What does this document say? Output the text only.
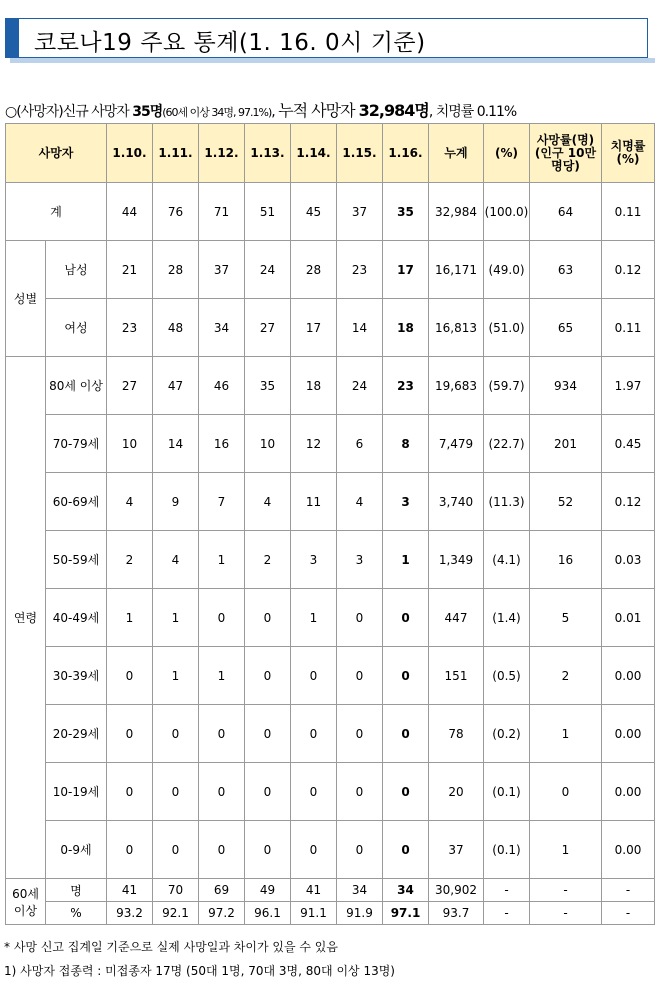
코로나19 주요 통계(1. 16. 0시 기준)
○(사망자)신규 사망자 35명(60세 이상 34명, 97.1%), 누적 사망자 32,984명, 치명률 0.11%
사망자		1.10.	1.11.	1.12.	1.13.	1.14.	1.15.	1.16.	누계	(%)	사망률(명)(인구 10만명당)	치명률(%)
계		44	76	71	51	45	37	35	32,984	(100.0)	64	0.11
성별	남성	21	28	37	24	28	23	17	16,171	(49.0)	63	0.12
	여성	23	48	34	27	17	14	18	16,813	(51.0)	65	0.11
연령	80세 이상	27	47	46	35	18	24	23	19,683	(59.7)	934	1.97
	70-79세	10	14	16	10	12	6	8	7,479	(22.7)	201	0.45
	60-69세	4	9	7	4	11	4	3	3,740	(11.3)	52	0.12
	50-59세	2	4	1	2	3	3	1	1,349	(4.1)	16	0.03
	40-49세	1	1	0	0	1	0	0	447	(1.4)	5	0.01
	30-39세	0	1	1	0	0	0	0	151	(0.5)	2	0.00
	20-29세	0	0	0	0	0	0	0	78	(0.2)	1	0.00
	10-19세	0	0	0	0	0	0	0	20	(0.1)	0	0.00
	0-9세	0	0	0	0	0	0	0	37	(0.1)	1	0.00
60세 이상	명	41	70	69	49	41	34	34	30,902	-	-	-
	%	93.2	92.1	97.2	96.1	91.1	91.9	97.1	93.7	-	-	-
* 사망 신고 집계일 기준으로 실제 사망일과 차이가 있을 수 있음
1) 사망자 접종력 : 미접종자 17명 (50대 1명, 70대 3명, 80대 이상 13명)
